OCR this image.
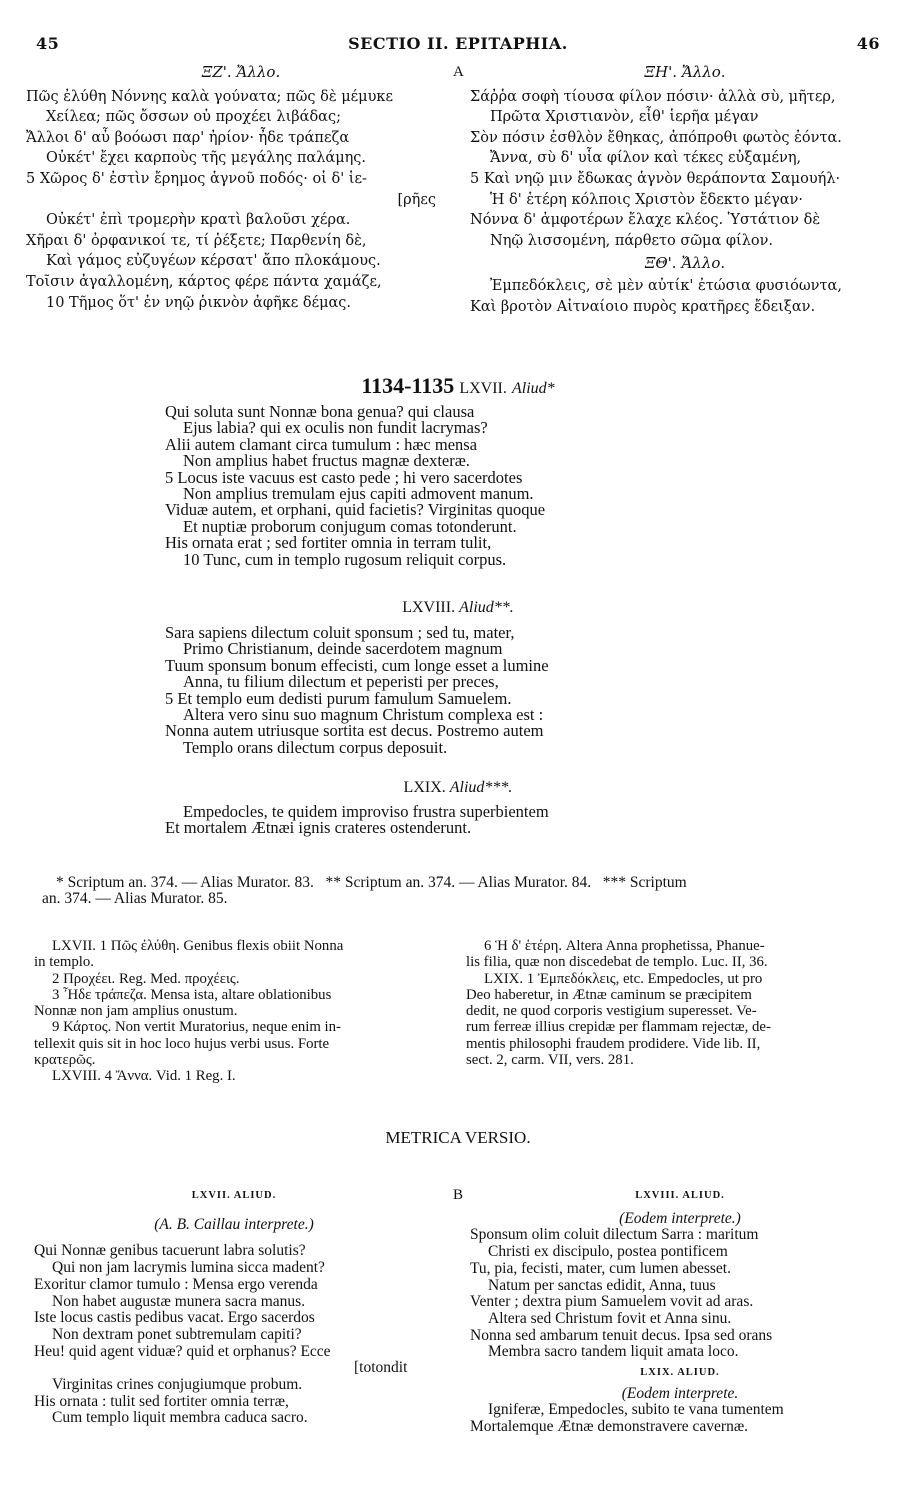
45	SECTIO II. EPITAPHIA.	46
ΞΖ'. Ἄλλο.
Πῶς ἐλύθη Νόννης καλὰ γούνατα; πῶς δὲ μέμυκε
Χείλεα; πῶς ὄσσων οὐ προχέει λιβάδας;
Ἄλλοι δ' αὖ βοόωσι παρ' ἠρίον· ἦδε τράπεζα
Οὐκέτ' ἔχει καρποὺς τῆς μεγάλης παλάμης.
5 Χῶρος δ' ἐστὶν ἔρημος ἁγνοῦ ποδός· οἱ δ' ἱε-
[ρῆες
Οὐκέτ' ἐπὶ τρομερὴν κρατὶ βαλοῦσι χέρα.
Χῆραι δ' ὀρφανικοί τε, τί ῥέξετε; Παρθενίη δὲ,
Καὶ γάμος εὐζυγέων κέρσατ' ἄπο πλοκάμους.
Τοῖσιν ἀγαλλομένη, κάρτος φέρε πάντα χαμάζε,
10 Τῆμος ὅτ' ἐν νηῷ ῥικνὸν ἀφῆκε δέμας.
A	ΞΗ'. Ἄλλο.
Σάῤῥα σοφὴ τίουσα φίλον πόσιν· ἀλλὰ σὺ, μῆτερ,
Πρῶτα Χριστιανὸν, εἶθ' ἱερῆα μέγαν
Σὸν πόσιν ἐσθλὸν ἔθηκας, ἀπόπροθι φωτὸς ἐόντα.
Ἄννα, σὺ δ' υἷα φίλον καὶ τέκες εὐξαμένη,
5 Καὶ νηῷ μιν ἔδωκας ἁγνὸν θεράποντα Σαμουήλ·
Ἡ δ' ἑτέρη κόλποις Χριστὸν ἔδεκτο μέγαν·
Νόννα δ' ἀμφοτέρων ἔλαχε κλέος. Ὑστάτιον δὲ
Νηῷ λισσομένη, πάρθετο σῶμα φίλον.
ΞΘ'. Ἄλλο.
Ἐμπεδόκλεις, σὲ μὲν αὐτίκ' ἐτώσια φυσιόωντα,
Καὶ βροτὸν Αἰτναίοιο πυρὸς κρατῆρες ἔδειξαν.
1134-1135 LXVII. Aliud*
Qui soluta sunt Nonnæ bona genua? qui clausa
Ejus labia? qui ex oculis non fundit lacrymas?
Alii autem clamant circa tumulum : hæc mensa
Non amplius habet fructus magnæ dexteræ.
5 Locus iste vacuus est casto pede ; hi vero sacerdotes
Non amplius tremulam ejus capiti admovent manum.
Viduæ autem, et orphani, quid facietis? Virginitas quoque
Et nuptiæ proborum conjugum comas totonderunt.
His ornata erat ; sed fortiter omnia in terram tulit,
10 Tunc, cum in templo rugosum reliquit corpus.
LXVIII. Aliud**.
Sara sapiens dilectum coluit sponsum ; sed tu, mater,
Primo Christianum, deinde sacerdotem magnum
Tuum sponsum bonum effecisti, cum longe esset a lumine
Anna, tu filium dilectum et peperisti per preces,
5 Et templo eum dedisti purum famulum Samuelem.
Altera vero sinu suo magnum Christum complexa est :
Nonna autem utriusque sortita est decus. Postremo autem
Templo orans dilectum corpus deposuit.
LXIX. Aliud***.
Empedocles, te quidem improviso frustra superbientem
Et mortalem Ætnæi ignis crateres ostenderunt.
* Scriptum an. 374. — Alias Murator. 83.   ** Scriptum an. 374. — Alias Murator. 84.   *** Scriptum
an. 374. — Alias Murator. 85.
LXVII. 1 Πῶς ἐλύθη. Genibus flexis obiit Nonna
in templo.
2 Προχέει. Reg. Med. προχέεις.
3 Ἦδε τράπεζα. Mensa ista, altare oblationibus
Nonnæ non jam amplius onustum.
9 Κάρτος. Non vertit Muratorius, neque enim in-
tellexit quis sit in hoc loco hujus verbi usus. Forte
κρατερῶς.
LXVIII. 4 Ἄννα. Vid. 1 Reg. I.
6 Ἡ δ' ἑτέρη. Altera Anna prophetissa, Phanue-
lis filia, quæ non discedebat de templo. Luc. II, 36.
LXIX. 1 Ἐμπεδόκλεις, etc. Empedocles, ut pro
Deo haberetur, in Ætnæ caminum se præcipitem
dedit, ne quod corporis vestigium superesset. Ve-
rum ferreæ illius crepidæ per flammam rejectæ, de-
mentis philosophi fraudem prodidere. Vide lib. II,
sect. 2, carm. VII, vers. 281.
METRICA VERSIO.
LXVII. ALIUD.
(A. B. Caillau interprete.)
Qui Nonnæ genibus tacuerunt labra solutis?
Qui non jam lacrymis lumina sicca madent?
Exoritur clamor tumulo : Mensa ergo verenda
Non habet augustæ munera sacra manus.
Iste locus castis pedibus vacat. Ergo sacerdos
Non dextram ponet subtremulam capiti?
Heu! quid agent viduæ? quid et orphanus? Ecce
[totondit
Virginitas crines conjugiumque probum.
His ornata : tulit sed fortiter omnia terræ,
Cum templo liquit membra caduca sacro.
B	LXVIII. ALIUD.
(Eodem interprete.)
Sponsum olim coluit dilectum Sarra : maritum
Christi ex discipulo, postea pontificem
Tu, pia, fecisti, mater, cum lumen abesset.
Natum per sanctas edidit, Anna, tuus
Venter ; dextra pium Samuelem vovit ad aras.
Altera sed Christum fovit et Anna sinu.
Nonna sed ambarum tenuit decus. Ipsa sed orans
Membra sacro tandem liquit amata loco.
LXIX. ALIUD.
(Eodem interprete.
Igniferæ, Empedocles, subito te vana tumentem
Mortalemque Ætnæ demonstravere cavernæ.
